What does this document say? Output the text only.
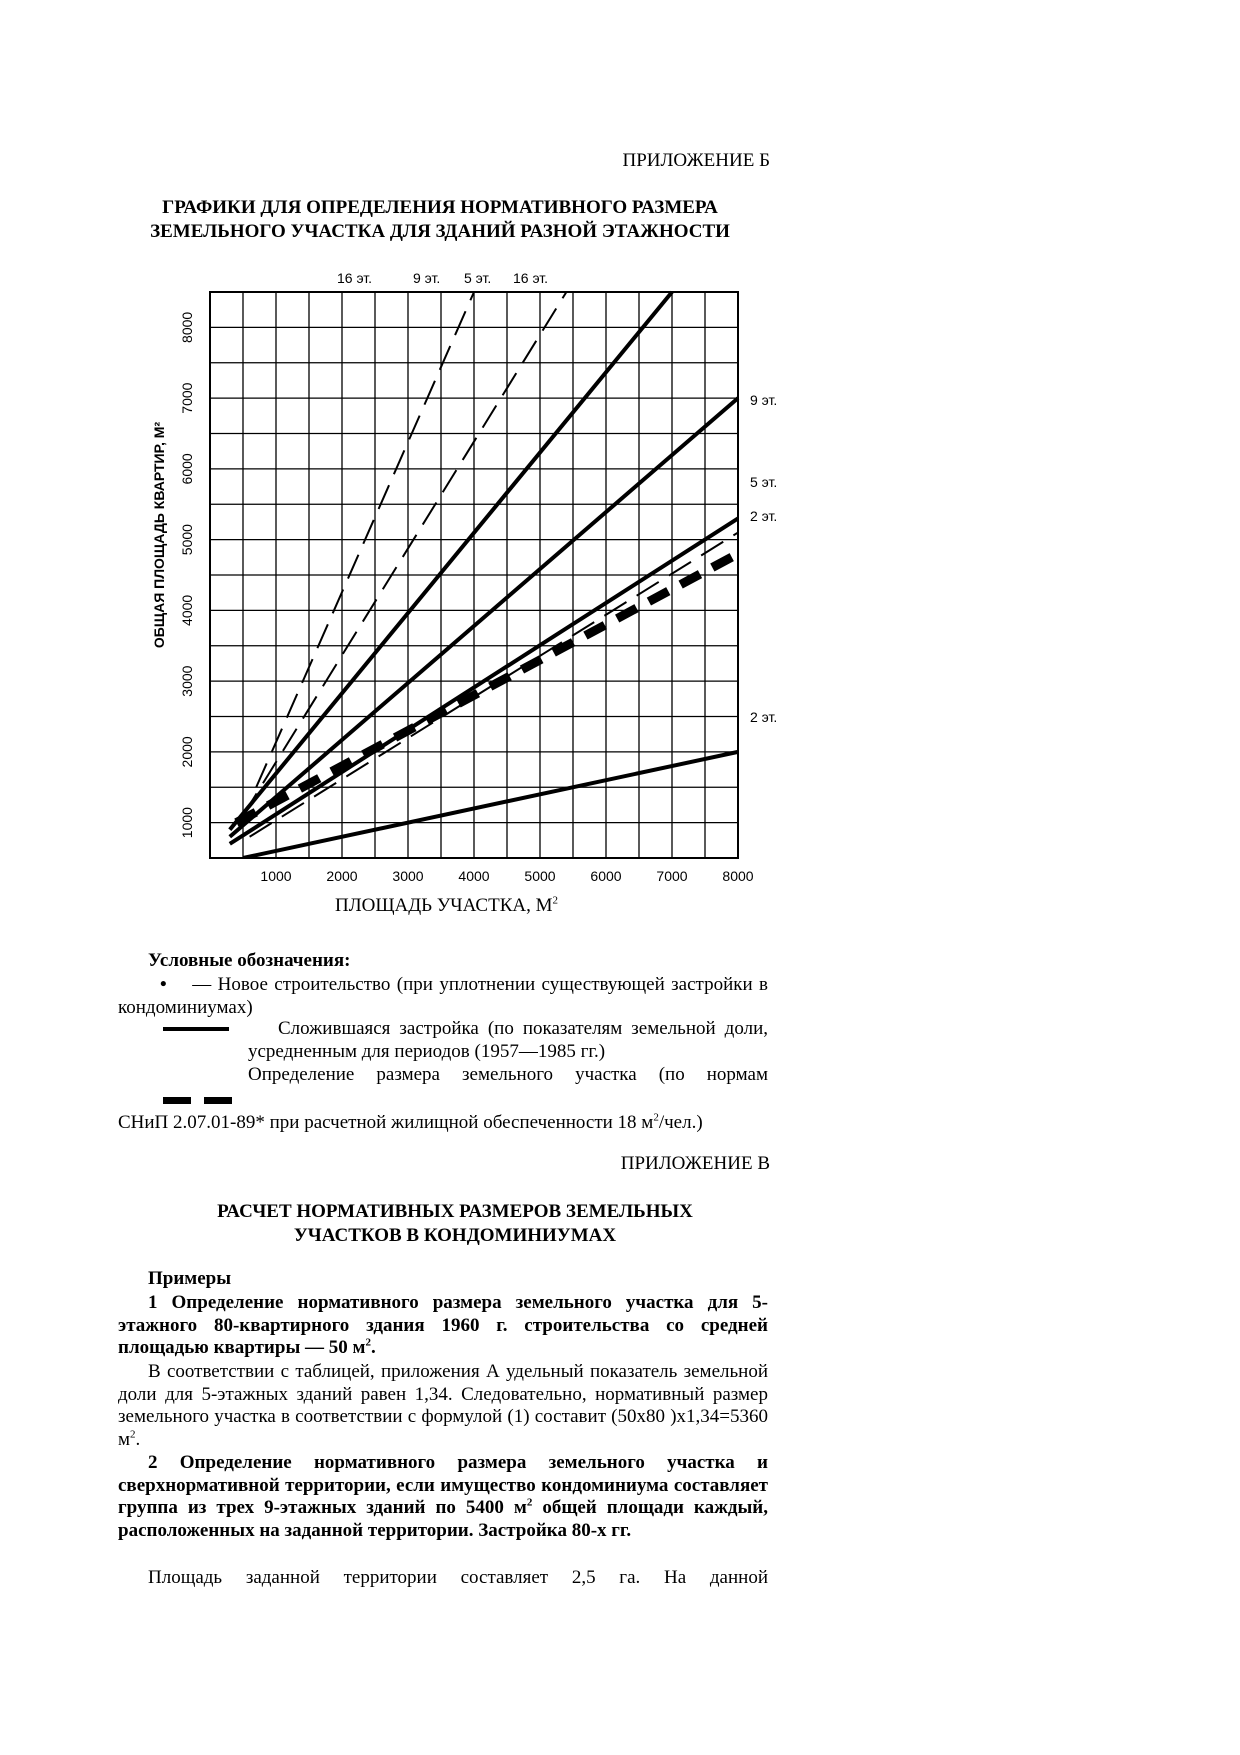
ПРИЛОЖЕНИЕ Б
ГРАФИКИ ДЛЯ ОПРЕДЕЛЕНИЯ НОРМАТИВНОГО РАЗМЕРА
ЗЕМЕЛЬНОГО УЧАСТКА ДЛЯ ЗДАНИЙ РАЗНОЙ ЭТАЖНОСТИ
1000 2000 3000 4000 5000 6000 7000 8000
1000
2000
3000
4000
5000
6000
7000
8000
16 эт.	9 эт. 5 эт. 16 эт.
9 эт.
5 эт.
2 эт.
2 эт.
ОБЩАЯ ПЛОЩАДЬ КВАРТИР, М²
ПЛОЩАДЬ УЧАСТКА, $М^2$
Условные обозначения:
• — Новое строительство (при уплотнении существующей застройки в кондоминиумах)
Сложившаяся застройка (по показателям земельной доли, усредненным для периодов (1957—1985 гг.)
Определение размера земельного участка (по нормам
СНиП 2.07.01-89* при расчетной жилищной обеспеченности 18 $м^2/чел$.)
ПРИЛОЖЕНИЕ В
РАСЧЕТ НОРМАТИВНЫХ РАЗМЕРОВ ЗЕМЕЛЬНЫХ
УЧАСТКОВ В КОНДОМИНИУМАХ
Примеры
1 Определение нормативного размера земельного участка для 5-этажного 80-квартирного здания 1960 г. строительства со средней площадью квартиры — 50 $м^2$.
В соответствии с таблицей, приложения А удельный показатель земельной доли для 5-этажных зданий равен 1,34. Следовательно, нормативный размер земельного участка в соответствии с формулой (1) составит (50х80 )х1,34=5360 $м^2$.
2 Определение нормативного размера земельного участка и сверхнормативной территории, если имущество кондоминиума составляет группа из трех 9-этажных зданий по 5400 $м^2$ общей площади каждый, расположенных на заданной территории. Застройка 80-х гг.
Площадь заданной территории составляет 2,5 га. На данной
